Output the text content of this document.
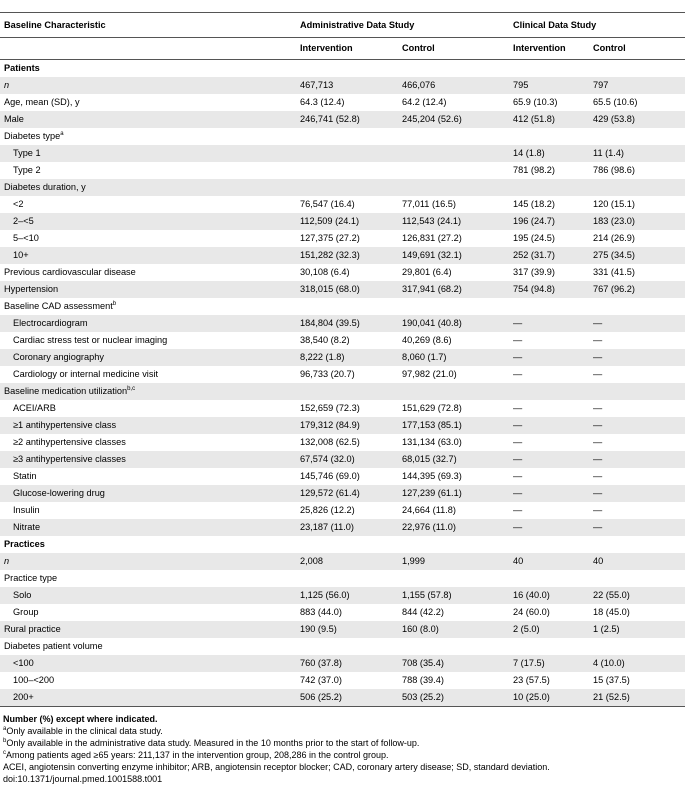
Baseline Characteristic	Administrative Data Study		Clinical Data Study	
	Intervention	Control	Intervention	Control
Patients				
n	467,713	466,076	795	797
Age, mean (SD), y	64.3 (12.4)	64.2 (12.4)	65.9 (10.3)	65.5 (10.6)
Male	246,741 (52.8)	245,204 (52.6)	412 (51.8)	429 (53.8)
Diabetes type$^a$				
Type 1			14 (1.8)	11 (1.4)
Type 2			781 (98.2)	786 (98.6)
Diabetes duration, y				
<2	76,547 (16.4)	77,011 (16.5)	145 (18.2)	120 (15.1)
2–<5	112,509 (24.1)	112,543 (24.1)	196 (24.7)	183 (23.0)
5–<10	127,375 (27.2)	126,831 (27.2)	195 (24.5)	214 (26.9)
10+	151,282 (32.3)	149,691 (32.1)	252 (31.7)	275 (34.5)
Previous cardiovascular disease	30,108 (6.4)	29,801 (6.4)	317 (39.9)	331 (41.5)
Hypertension	318,015 (68.0)	317,941 (68.2)	754 (94.8)	767 (96.2)
Baseline CAD assessment$^b$				
Electrocardiogram	184,804 (39.5)	190,041 (40.8)	—	—
Cardiac stress test or nuclear imaging	38,540 (8.2)	40,269 (8.6)	—	—
Coronary angiography	8,222 (1.8)	8,060 (1.7)	—	—
Cardiology or internal medicine visit	96,733 (20.7)	97,982 (21.0)	—	—
Baseline medication utilization$^{b,c}$				
ACEI/ARB	152,659 (72.3)	151,629 (72.8)	—	—
≥1 antihypertensive class	179,312 (84.9)	177,153 (85.1)	—	—
≥2 antihypertensive classes	132,008 (62.5)	131,134 (63.0)	—	—
≥3 antihypertensive classes	67,574 (32.0)	68,015 (32.7)	—	—
Statin	145,746 (69.0)	144,395 (69.3)	—	—
Glucose-lowering drug	129,572 (61.4)	127,239 (61.1)	—	—
Insulin	25,826 (12.2)	24,664 (11.8)	—	—
Nitrate	23,187 (11.0)	22,976 (11.0)	—	—
Practices				
n	2,008	1,999	40	40
Practice type				
Solo	1,125 (56.0)	1,155 (57.8)	16 (40.0)	22 (55.0)
Group	883 (44.0)	844 (42.2)	24 (60.0)	18 (45.0)
Rural practice	190 (9.5)	160 (8.0)	2 (5.0)	1 (2.5)
Diabetes patient volume				
<100	760 (37.8)	708 (35.4)	7 (17.5)	4 (10.0)
100–<200	742 (37.0)	788 (39.4)	23 (57.5)	15 (37.5)
200+	506 (25.2)	503 (25.2)	10 (25.0)	21 (52.5)
Number (%) except where indicated.
$^a$Only available in the clinical data study.
$^b$Only available in the administrative data study. Measured in the 10 months prior to the start of follow-up.
$^c$Among patients aged ≥65 years: 211,137 in the intervention group, 208,286 in the control group.
ACEI, angiotensin converting enzyme inhibitor; ARB, angiotensin receptor blocker; CAD, coronary artery disease; SD, standard deviation.
doi:10.1371/journal.pmed.1001588.t001
